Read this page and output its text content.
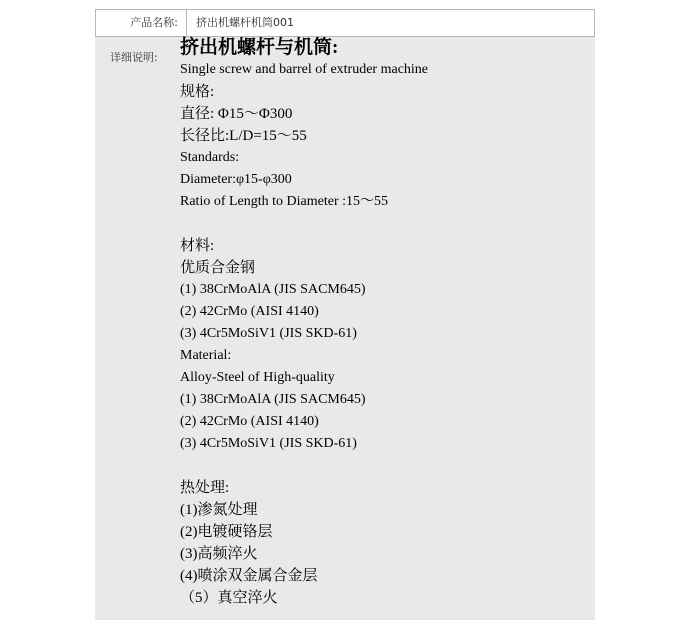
产品名称:	挤出机螺杆机筒001
详细说明: 挤出机螺杆与机筒:
Single screw and barrel of extruder machine
规格:
直径: Φ15～Φ300
长径比:L/D=15～55
Standards:
Diameter:φ15-φ300
Ratio of Length to Diameter :15～55
材料:
优质合金钢
(1) 38CrMoAlA (JIS SACM645)
(2) 42CrMo (AISI 4140)
(3) 4Cr5MoSiV1 (JIS SKD-61)
Material:
Alloy-Steel of High-quality
(1) 38CrMoAlA (JIS SACM645)
(2) 42CrMo (AISI 4140)
(3) 4Cr5MoSiV1 (JIS SKD-61)
热处理:
(1)渗氮处理
(2)电镀硬铬层
(3)高频淬火
(4)喷涂双金属合金层
（5）真空淬火
